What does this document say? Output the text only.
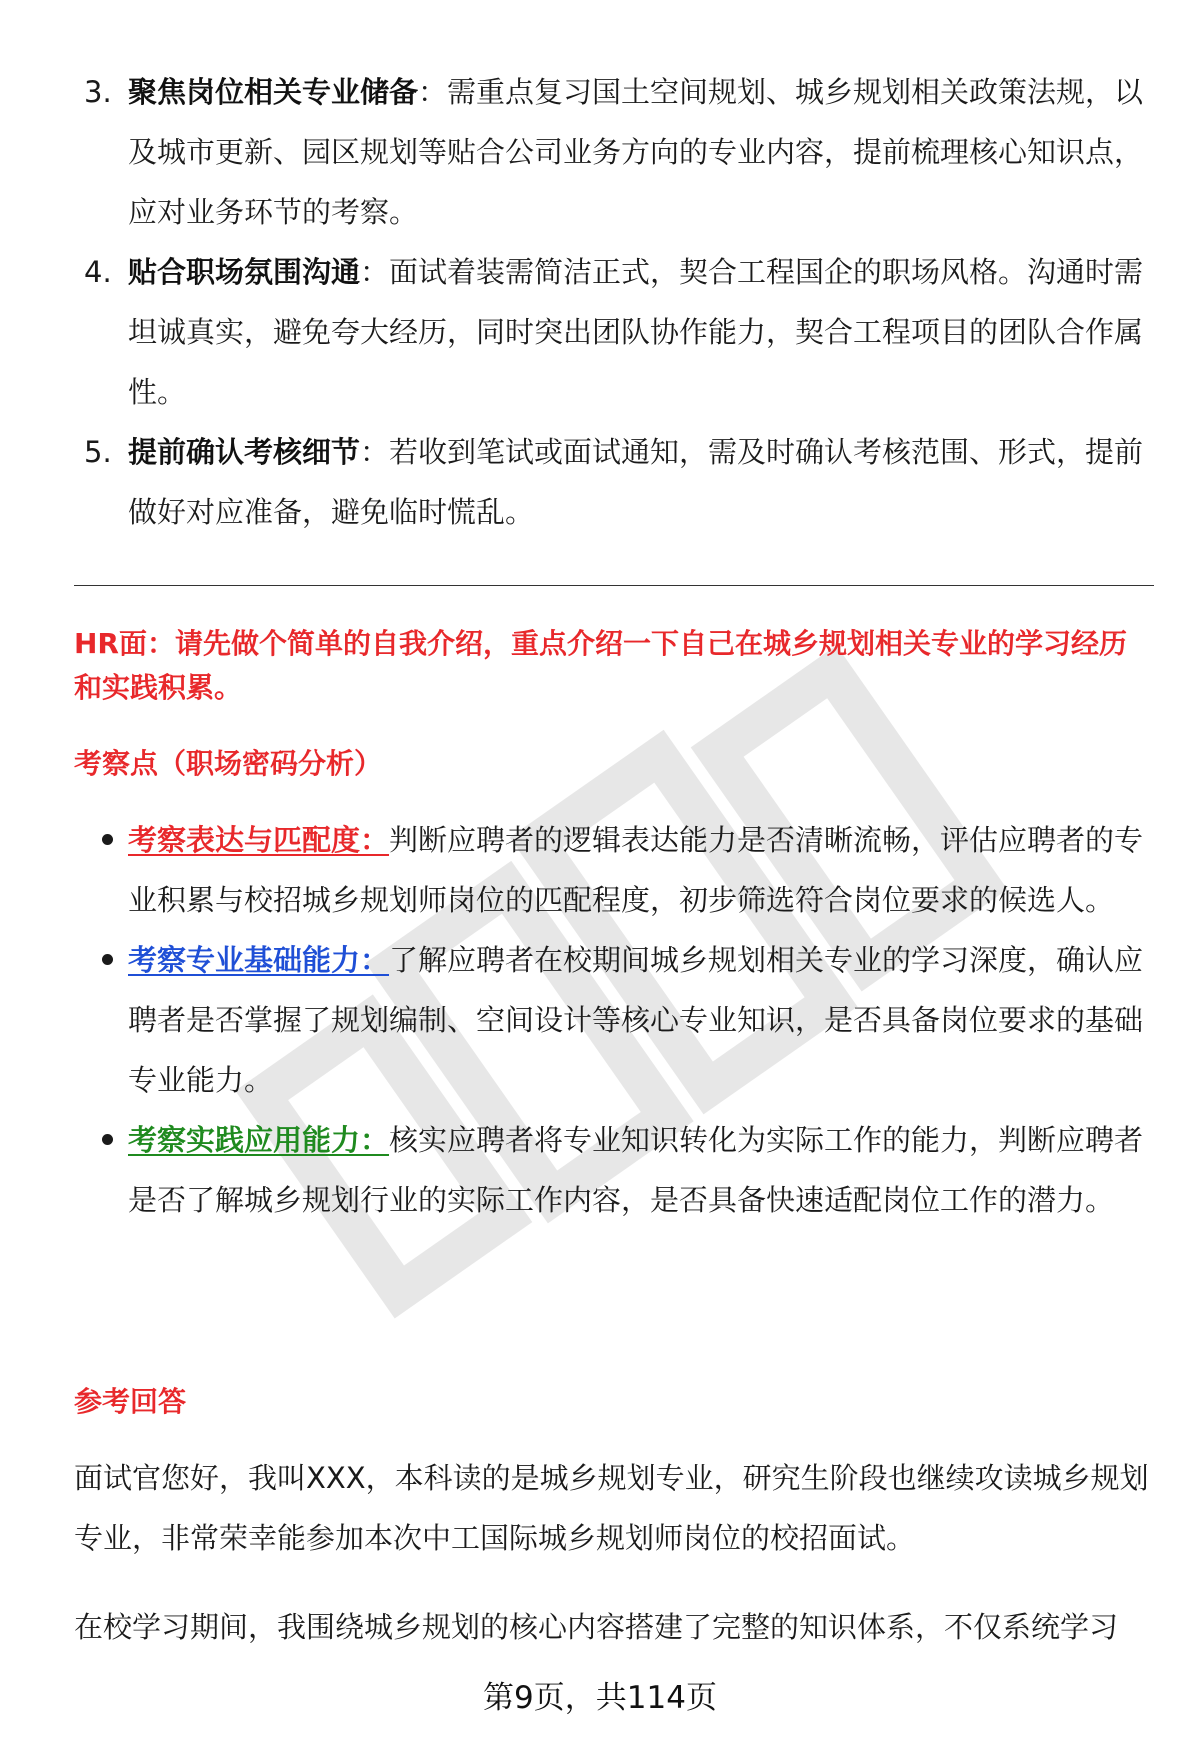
3. 聚焦岗位相关专业储备：需重点复习国土空间规划、城乡规划相关政策法规，以及城市更新、园区规划等贴合公司业务方向的专业内容，提前梳理核心知识点，应对业务环节的考察。
4. 贴合职场氛围沟通：面试着装需简洁正式，契合工程国企的职场风格。沟通时需坦诚真实，避免夸大经历，同时突出团队协作能力，契合工程项目的团队合作属性。
5. 提前确认考核细节：若收到笔试或面试通知，需及时确认考核范围、形式，提前做好对应准备，避免临时慌乱。
HR面：请先做个简单的自我介绍，重点介绍一下自己在城乡规划相关专业的学习经历和实践积累。
考察点（职场密码分析）
考察表达与匹配度：判断应聘者的逻辑表达能力是否清晰流畅，评估应聘者的专业积累与校招城乡规划师岗位的匹配程度，初步筛选符合岗位要求的候选人。
考察专业基础能力：了解应聘者在校期间城乡规划相关专业的学习深度，确认应聘者是否掌握了规划编制、空间设计等核心专业知识，是否具备岗位要求的基础专业能力。
考察实践应用能力：核实应聘者将专业知识转化为实际工作的能力，判断应聘者是否了解城乡规划行业的实际工作内容，是否具备快速适配岗位工作的潜力。
参考回答

面试官您好，我叫XXX，本科读的是城乡规划专业，研究生阶段也继续攻读城乡规划专业，非常荣幸能参加本次中工国际城乡规划师岗位的校招面试。

在校学习期间，我围绕城乡规划的核心内容搭建了完整的知识体系，不仅系统学习

第9页，共114页
